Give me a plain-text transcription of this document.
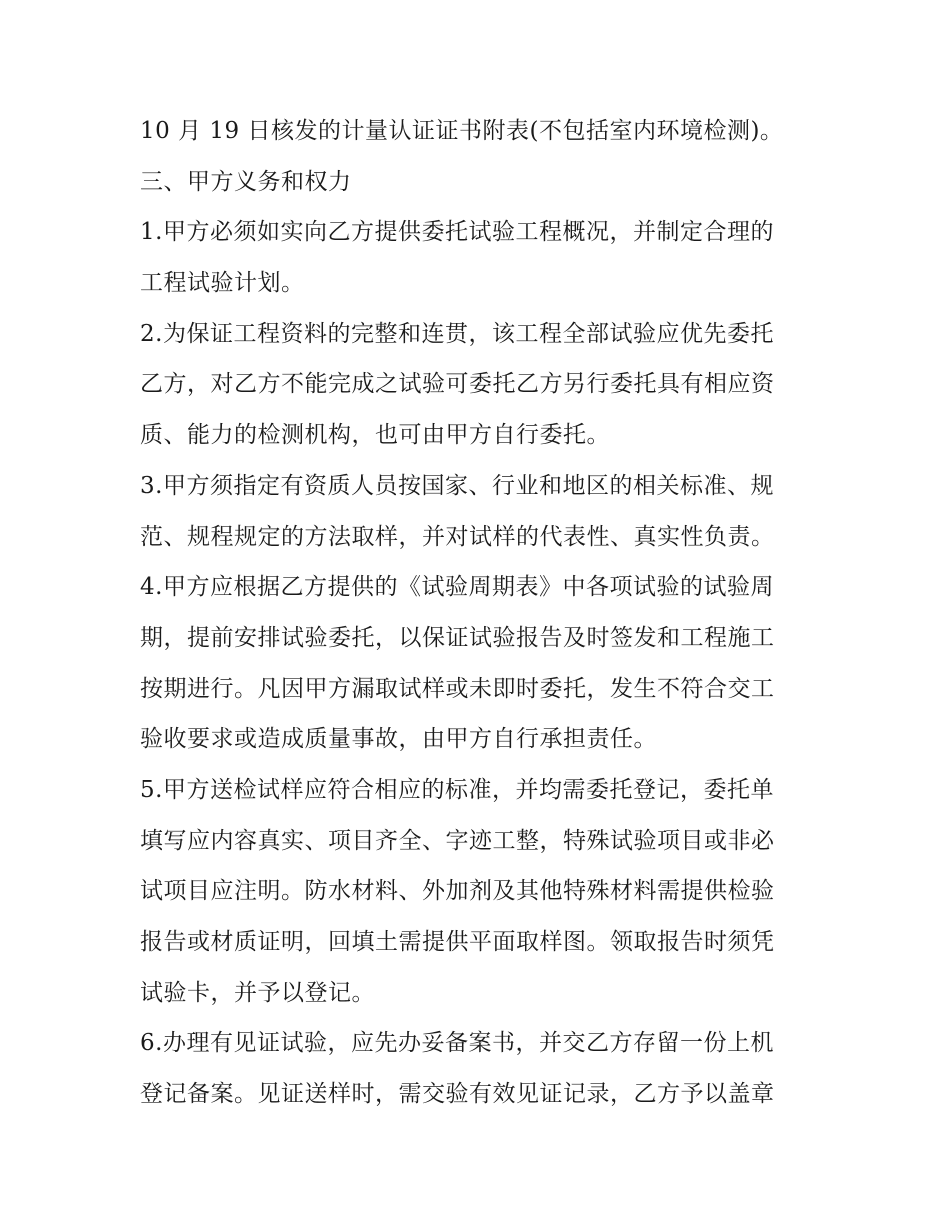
10 月 19 日核发的计量认证证书附表(不包括室内环境检测)。
三、甲方义务和权力
1.甲方必须如实向乙方提供委托试验工程概况，并制定合理的
工程试验计划。
2.为保证工程资料的完整和连贯，该工程全部试验应优先委托
乙方，对乙方不能完成之试验可委托乙方另行委托具有相应资
质、能力的检测机构，也可由甲方自行委托。
3.甲方须指定有资质人员按国家、行业和地区的相关标准、规
范、规程规定的方法取样，并对试样的代表性、真实性负责。
4.甲方应根据乙方提供的《试验周期表》中各项试验的试验周
期，提前安排试验委托，以保证试验报告及时签发和工程施工
按期进行。凡因甲方漏取试样或未即时委托，发生不符合交工
验收要求或造成质量事故，由甲方自行承担责任。
5.甲方送检试样应符合相应的标准，并均需委托登记，委托单
填写应内容真实、项目齐全、字迹工整，特殊试验项目或非必
试项目应注明。防水材料、外加剂及其他特殊材料需提供检验
报告或材质证明，回填土需提供平面取样图。领取报告时须凭
试验卡，并予以登记。
6.办理有见证试验，应先办妥备案书，并交乙方存留一份上机
登记备案。见证送样时，需交验有效见证记录，乙方予以盖章
